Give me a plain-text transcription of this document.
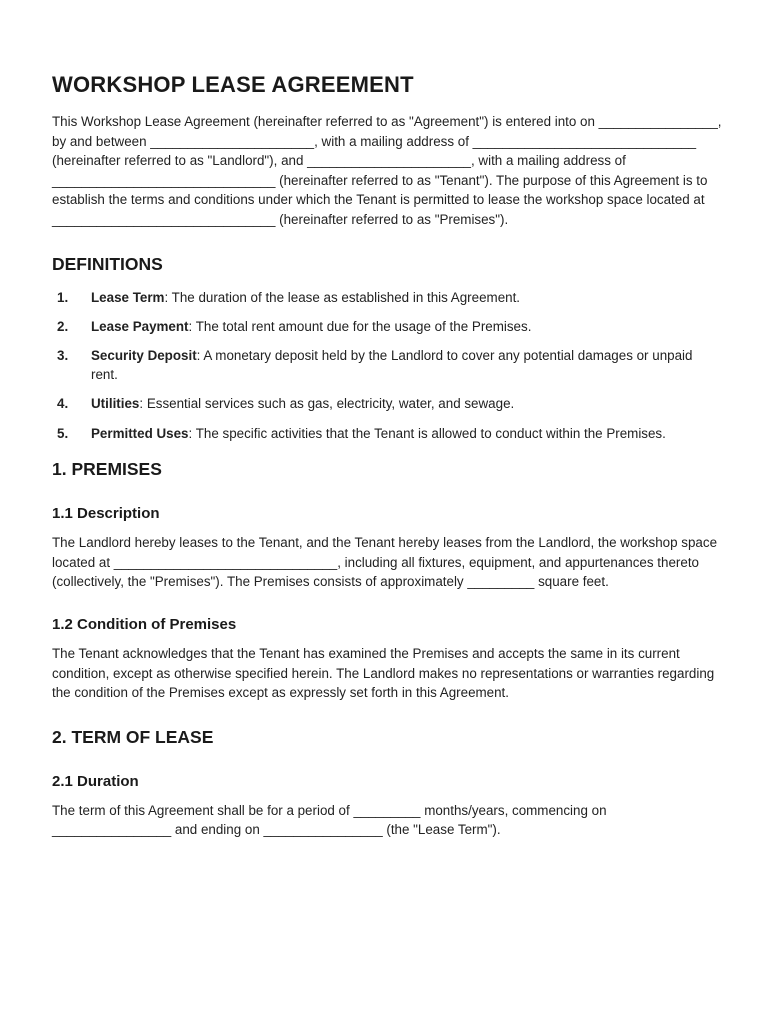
WORKSHOP LEASE AGREEMENT

This Workshop Lease Agreement (hereinafter referred to as "Agreement") is entered into on ________________, by and between ______________________, with a mailing address of ______________________________ (hereinafter referred to as "Landlord"), and ______________________, with a mailing address of ______________________________ (hereinafter referred to as "Tenant"). The purpose of this Agreement is to establish the terms and conditions under which the Tenant is permitted to lease the workshop space located at ______________________________ (hereinafter referred to as "Premises").

DEFINITIONS
1. Lease Term: The duration of the lease as established in this Agreement.
2. Lease Payment: The total rent amount due for the usage of the Premises.
3. Security Deposit: A monetary deposit held by the Landlord to cover any potential damages or unpaid rent.
4. Utilities: Essential services such as gas, electricity, water, and sewage.
5. Permitted Uses: The specific activities that the Tenant is allowed to conduct within the Premises.
1. PREMISES
1.1 Description

The Landlord hereby leases to the Tenant, and the Tenant hereby leases from the Landlord, the workshop space located at ______________________________, including all fixtures, equipment, and appurtenances thereto (collectively, the "Premises"). The Premises consists of approximately _________ square feet.

1.2 Condition of Premises

The Tenant acknowledges that the Tenant has examined the Premises and accepts the same in its current condition, except as otherwise specified herein. The Landlord makes no representations or warranties regarding the condition of the Premises except as expressly set forth in this Agreement.

2. TERM OF LEASE
2.1 Duration

The term of this Agreement shall be for a period of _________ months/years, commencing on ________________ and ending on ________________ (the "Lease Term").
